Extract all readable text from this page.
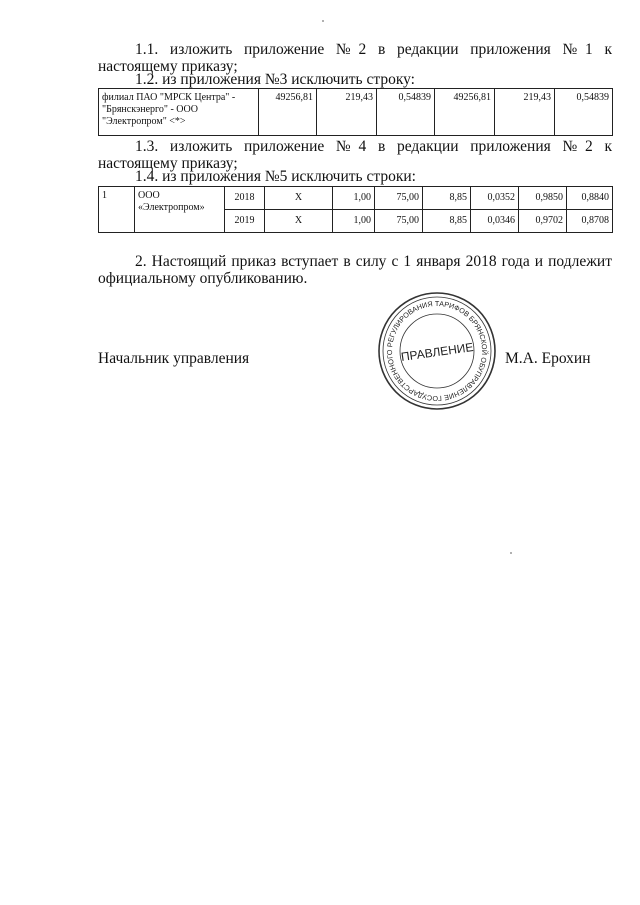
1.1. изложить приложение №2 в редакции приложения №1 к настоящему приказу;
1.2. из приложения №3 исключить строку:
филиал ПАО "МРСК Центра" - "Брянскэнерго" - ООО "Электропром" <*>	49256,81	219,43	0,54839	49256,81	219,43	0,54839
1.3. изложить приложение №4 в редакции приложения №2 к настоящему приказу;
1.4. из приложения №5 исключить строки:
1	ООО «Электропром»	2018	X	1,00	75,00	8,85	0,0352	0,9850	0,8840
		2019	X	1,00	75,00	8,85	0,0346	0,9702	0,8708
2. Настоящий приказ вступает в силу с 1 января 2018 года и подлежит официальному опубликованию.
Начальник управления
УПРАВЛЕНИЕ ГОСУДАРСТВЕННОГО РЕГУЛИРОВАНИЯ ТАРИФОВ БРЯНСКОЙ ОБЛАСТИ
ПРАВЛЕНИЕ М.А. Ерохин
